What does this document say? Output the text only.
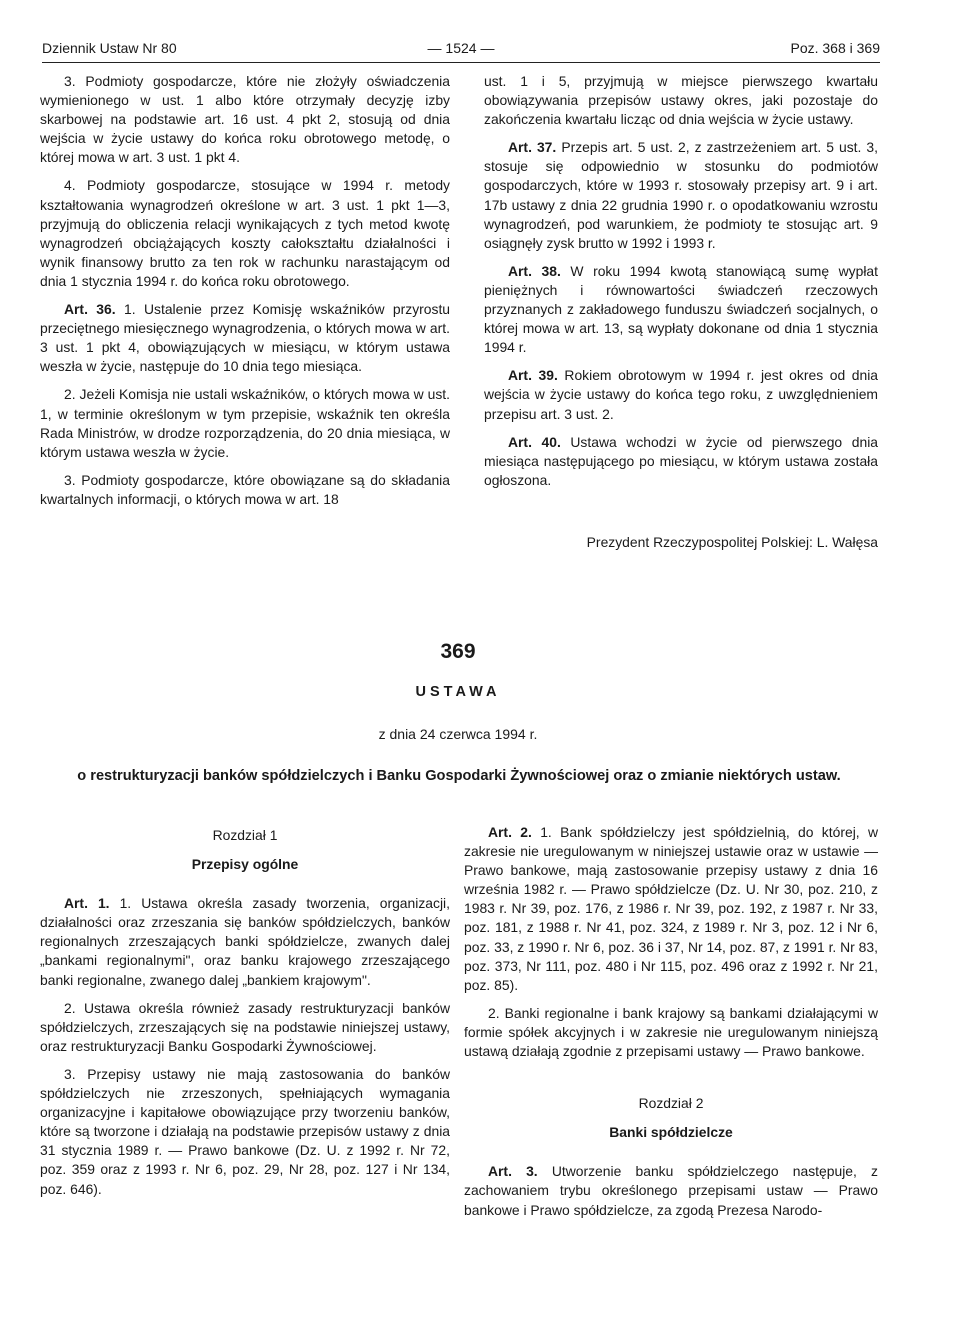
Dziennik Ustaw Nr 80	— 1524 —	Poz. 368 i 369

3. Podmioty gospodarcze, które nie złożyły oświadczenia wymienionego w ust. 1 albo które otrzymały decyzję izby skarbowej na podstawie art. 16 ust. 4 pkt 2, stosują od dnia wejścia w życie ustawy do końca roku obrotowego metodę, o której mowa w art. 3 ust. 1 pkt 4.

4. Podmioty gospodarcze, stosujące w 1994 r. metody kształtowania wynagrodzeń określone w art. 3 ust. 1 pkt 1—3, przyjmują do obliczenia relacji wynikających z tych metod kwotę wynagrodzeń obciążających koszty całokształtu działalności i wynik finansowy brutto za ten rok w rachunku narastającym od dnia 1 stycznia 1994 r. do końca roku obrotowego.

Art. 36. 1. Ustalenie przez Komisję wskaźników przyrostu przeciętnego miesięcznego wynagrodzenia, o których mowa w art. 3 ust. 1 pkt 4, obowiązujących w miesiącu, w którym ustawa weszła w życie, następuje do 10 dnia tego miesiąca.

2. Jeżeli Komisja nie ustali wskaźników, o których mowa w ust. 1, w terminie określonym w tym przepisie, wskaźnik ten określa Rada Ministrów, w drodze rozporządzenia, do 20 dnia miesiąca, w którym ustawa weszła w życie.

3. Podmioty gospodarcze, które obowiązane są do składania kwartalnych informacji, o których mowa w art. 18

ust. 1 i 5, przyjmują w miejsce pierwszego kwartału obowiązywania przepisów ustawy okres, jaki pozostaje do zakończenia kwartału licząc od dnia wejścia w życie ustawy.

Art. 37. Przepis art. 5 ust. 2, z zastrzeżeniem art. 5 ust. 3, stosuje się odpowiednio w stosunku do podmiotów gospodarczych, które w 1993 r. stosowały przepisy art. 9 i art. 17b ustawy z dnia 22 grudnia 1990 r. o opodatkowaniu wzrostu wynagrodzeń, pod warunkiem, że podmioty te stosując art. 9 osiągnęły zysk brutto w 1992 i 1993 r.

Art. 38. W roku 1994 kwotą stanowiącą sumę wypłat pieniężnych i równowartości świadczeń rzeczowych przyznanych z zakładowego funduszu świadczeń socjalnych, o której mowa w art. 13, są wypłaty dokonane od dnia 1 stycznia 1994 r.

Art. 39. Rokiem obrotowym w 1994 r. jest okres od dnia wejścia w życie ustawy do końca tego roku, z uwzględnieniem przepisu art. 3 ust. 2.

Art. 40. Ustawa wchodzi w życie od pierwszego dnia miesiąca następującego po miesiącu, w którym ustawa została ogłoszona.

Prezydent Rzeczypospolitej Polskiej: L. Wałęsa
369
USTAWA
z dnia 24 czerwca 1994 r.
o restrukturyzacji banków spółdzielczych i Banku Gospodarki Żywnościowej oraz o zmianie niektórych ustaw.

Rozdział 1

Przepisy ogólne

Art. 1. 1. Ustawa określa zasady tworzenia, organizacji, działalności oraz zrzeszania się banków spółdzielczych, banków regionalnych zrzeszających banki spółdzielcze, zwanych dalej „bankami regionalnymi", oraz banku krajowego zrzeszającego banki regionalne, zwanego dalej „bankiem krajowym".

2. Ustawa określa również zasady restrukturyzacji banków spółdzielczych, zrzeszających się na podstawie niniejszej ustawy, oraz restrukturyzacji Banku Gospodarki Żywnościowej.

3. Przepisy ustawy nie mają zastosowania do banków spółdzielczych nie zrzeszonych, spełniających wymagania organizacyjne i kapitałowe obowiązujące przy tworzeniu banków, które są tworzone i działają na podstawie przepisów ustawy z dnia 31 stycznia 1989 r. — Prawo bankowe (Dz. U. z 1992 r. Nr 72, poz. 359 oraz z 1993 r. Nr 6, poz. 29, Nr 28, poz. 127 i Nr 134, poz. 646).

Art. 2. 1. Bank spółdzielczy jest spółdzielnią, do której, w zakresie nie uregulowanym w niniejszej ustawie oraz w ustawie — Prawo bankowe, mają zastosowanie przepisy ustawy z dnia 16 września 1982 r. — Prawo spółdzielcze (Dz. U. Nr 30, poz. 210, z 1983 r. Nr 39, poz. 176, z 1986 r. Nr 39, poz. 192, z 1987 r. Nr 33, poz. 181, z 1988 r. Nr 41, poz. 324, z 1989 r. Nr 3, poz. 12 i Nr 6, poz. 33, z 1990 r. Nr 6, poz. 36 i 37, Nr 14, poz. 87, z 1991 r. Nr 83, poz. 373, Nr 111, poz. 480 i Nr 115, poz. 496 oraz z 1992 r. Nr 21, poz. 85).

2. Banki regionalne i bank krajowy są bankami działającymi w formie spółek akcyjnych i w zakresie nie uregulowanym niniejszą ustawą działają zgodnie z przepisami ustawy — Prawo bankowe.

Rozdział 2

Banki spółdzielcze

Art. 3. Utworzenie banku spółdzielczego następuje, z zachowaniem trybu określonego przepisami ustaw — Prawo bankowe i Prawo spółdzielcze, za zgodą Prezesa Narodo-
